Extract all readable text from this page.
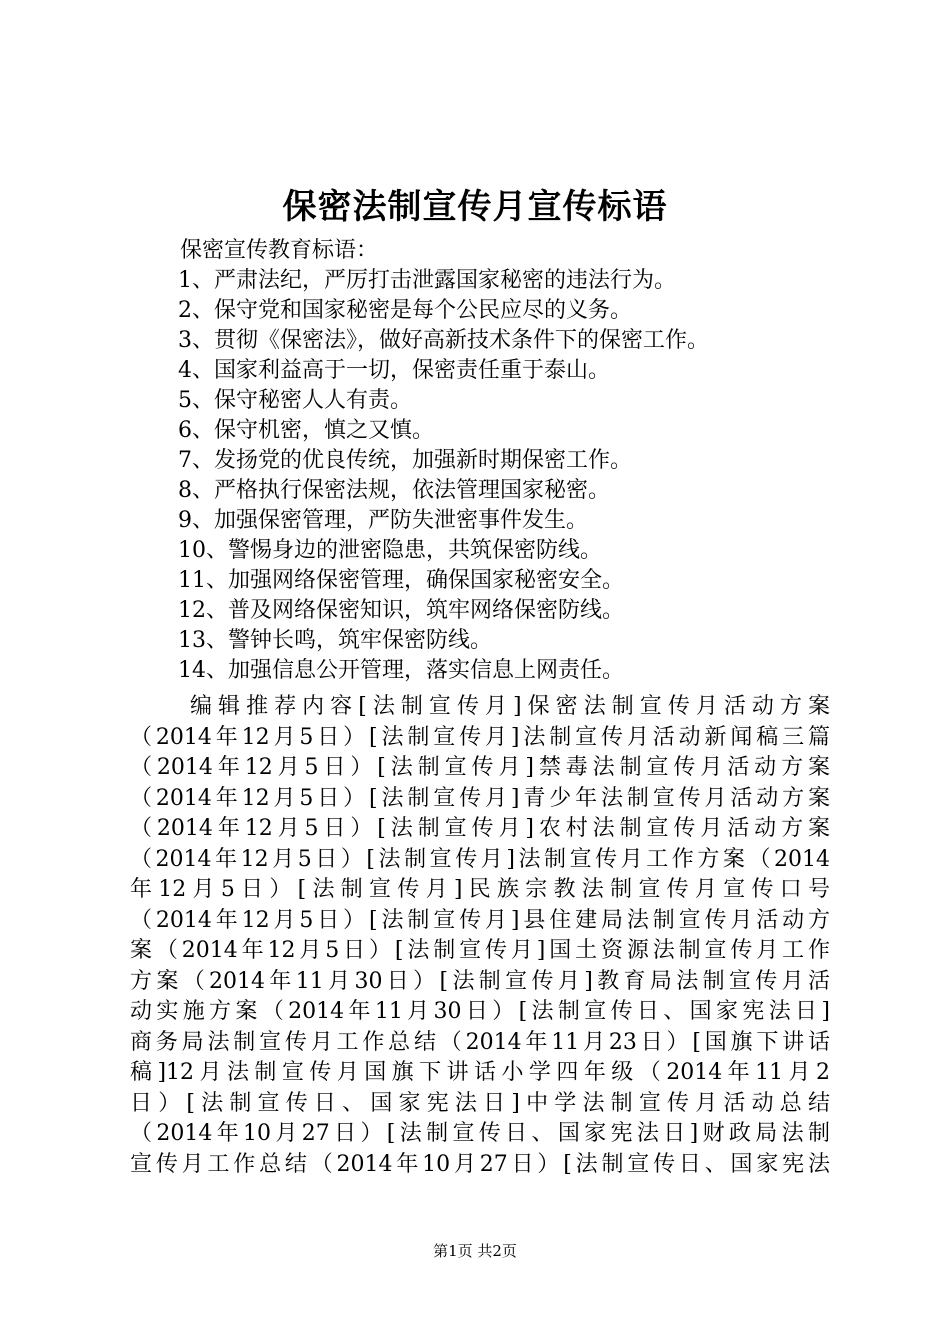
保密法制宣传月宣传标语
保密宣传教育标语：
1、严肃法纪，严厉打击泄露国家秘密的违法行为。
2、保守党和国家秘密是每个公民应尽的义务。
3、贯彻《保密法》，做好高新技术条件下的保密工作。
4、国家利益高于一切，保密责任重于泰山。
5、保守秘密人人有责。
6、保守机密，慎之又慎。
7、发扬党的优良传统，加强新时期保密工作。
8、严格执行保密法规，依法管理国家秘密。
9、加强保密管理，严防失泄密事件发生。
10、警惕身边的泄密隐患，共筑保密防线。
11、加强网络保密管理，确保国家秘密安全。
12、普及网络保密知识，筑牢网络保密防线。
13、警钟长鸣，筑牢保密防线。
14、加强信息公开管理，落实信息上网责任。
编辑推荐内容[法制宣传月]保密法制宣传月活动方案
（2014年12月5日）[法制宣传月]法制宣传月活动新闻稿三篇
（2014年12月5日）[法制宣传月]禁毒法制宣传月活动方案
（2014年12月5日）[法制宣传月]青少年法制宣传月活动方案
（2014年12月5日）[法制宣传月]农村法制宣传月活动方案
（2014年12月5日）[法制宣传月]法制宣传月工作方案（2014
年12月5日）[法制宣传月]民族宗教法制宣传月宣传口号
（2014年12月5日）[法制宣传月]县住建局法制宣传月活动方
案（2014年12月5日）[法制宣传月]国土资源法制宣传月工作
方案（2014年11月30日）[法制宣传月]教育局法制宣传月活
动实施方案（2014年11月30日）[法制宣传日、国家宪法日]
商务局法制宣传月工作总结（2014年11月23日）[国旗下讲话
稿]12月法制宣传月国旗下讲话小学四年级（2014年11月2
日）[法制宣传日、国家宪法日]中学法制宣传月活动总结
（2014年10月27日）[法制宣传日、国家宪法日]财政局法制
宣传月工作总结（2014年10月27日）[法制宣传日、国家宪法
第1页 共2页
